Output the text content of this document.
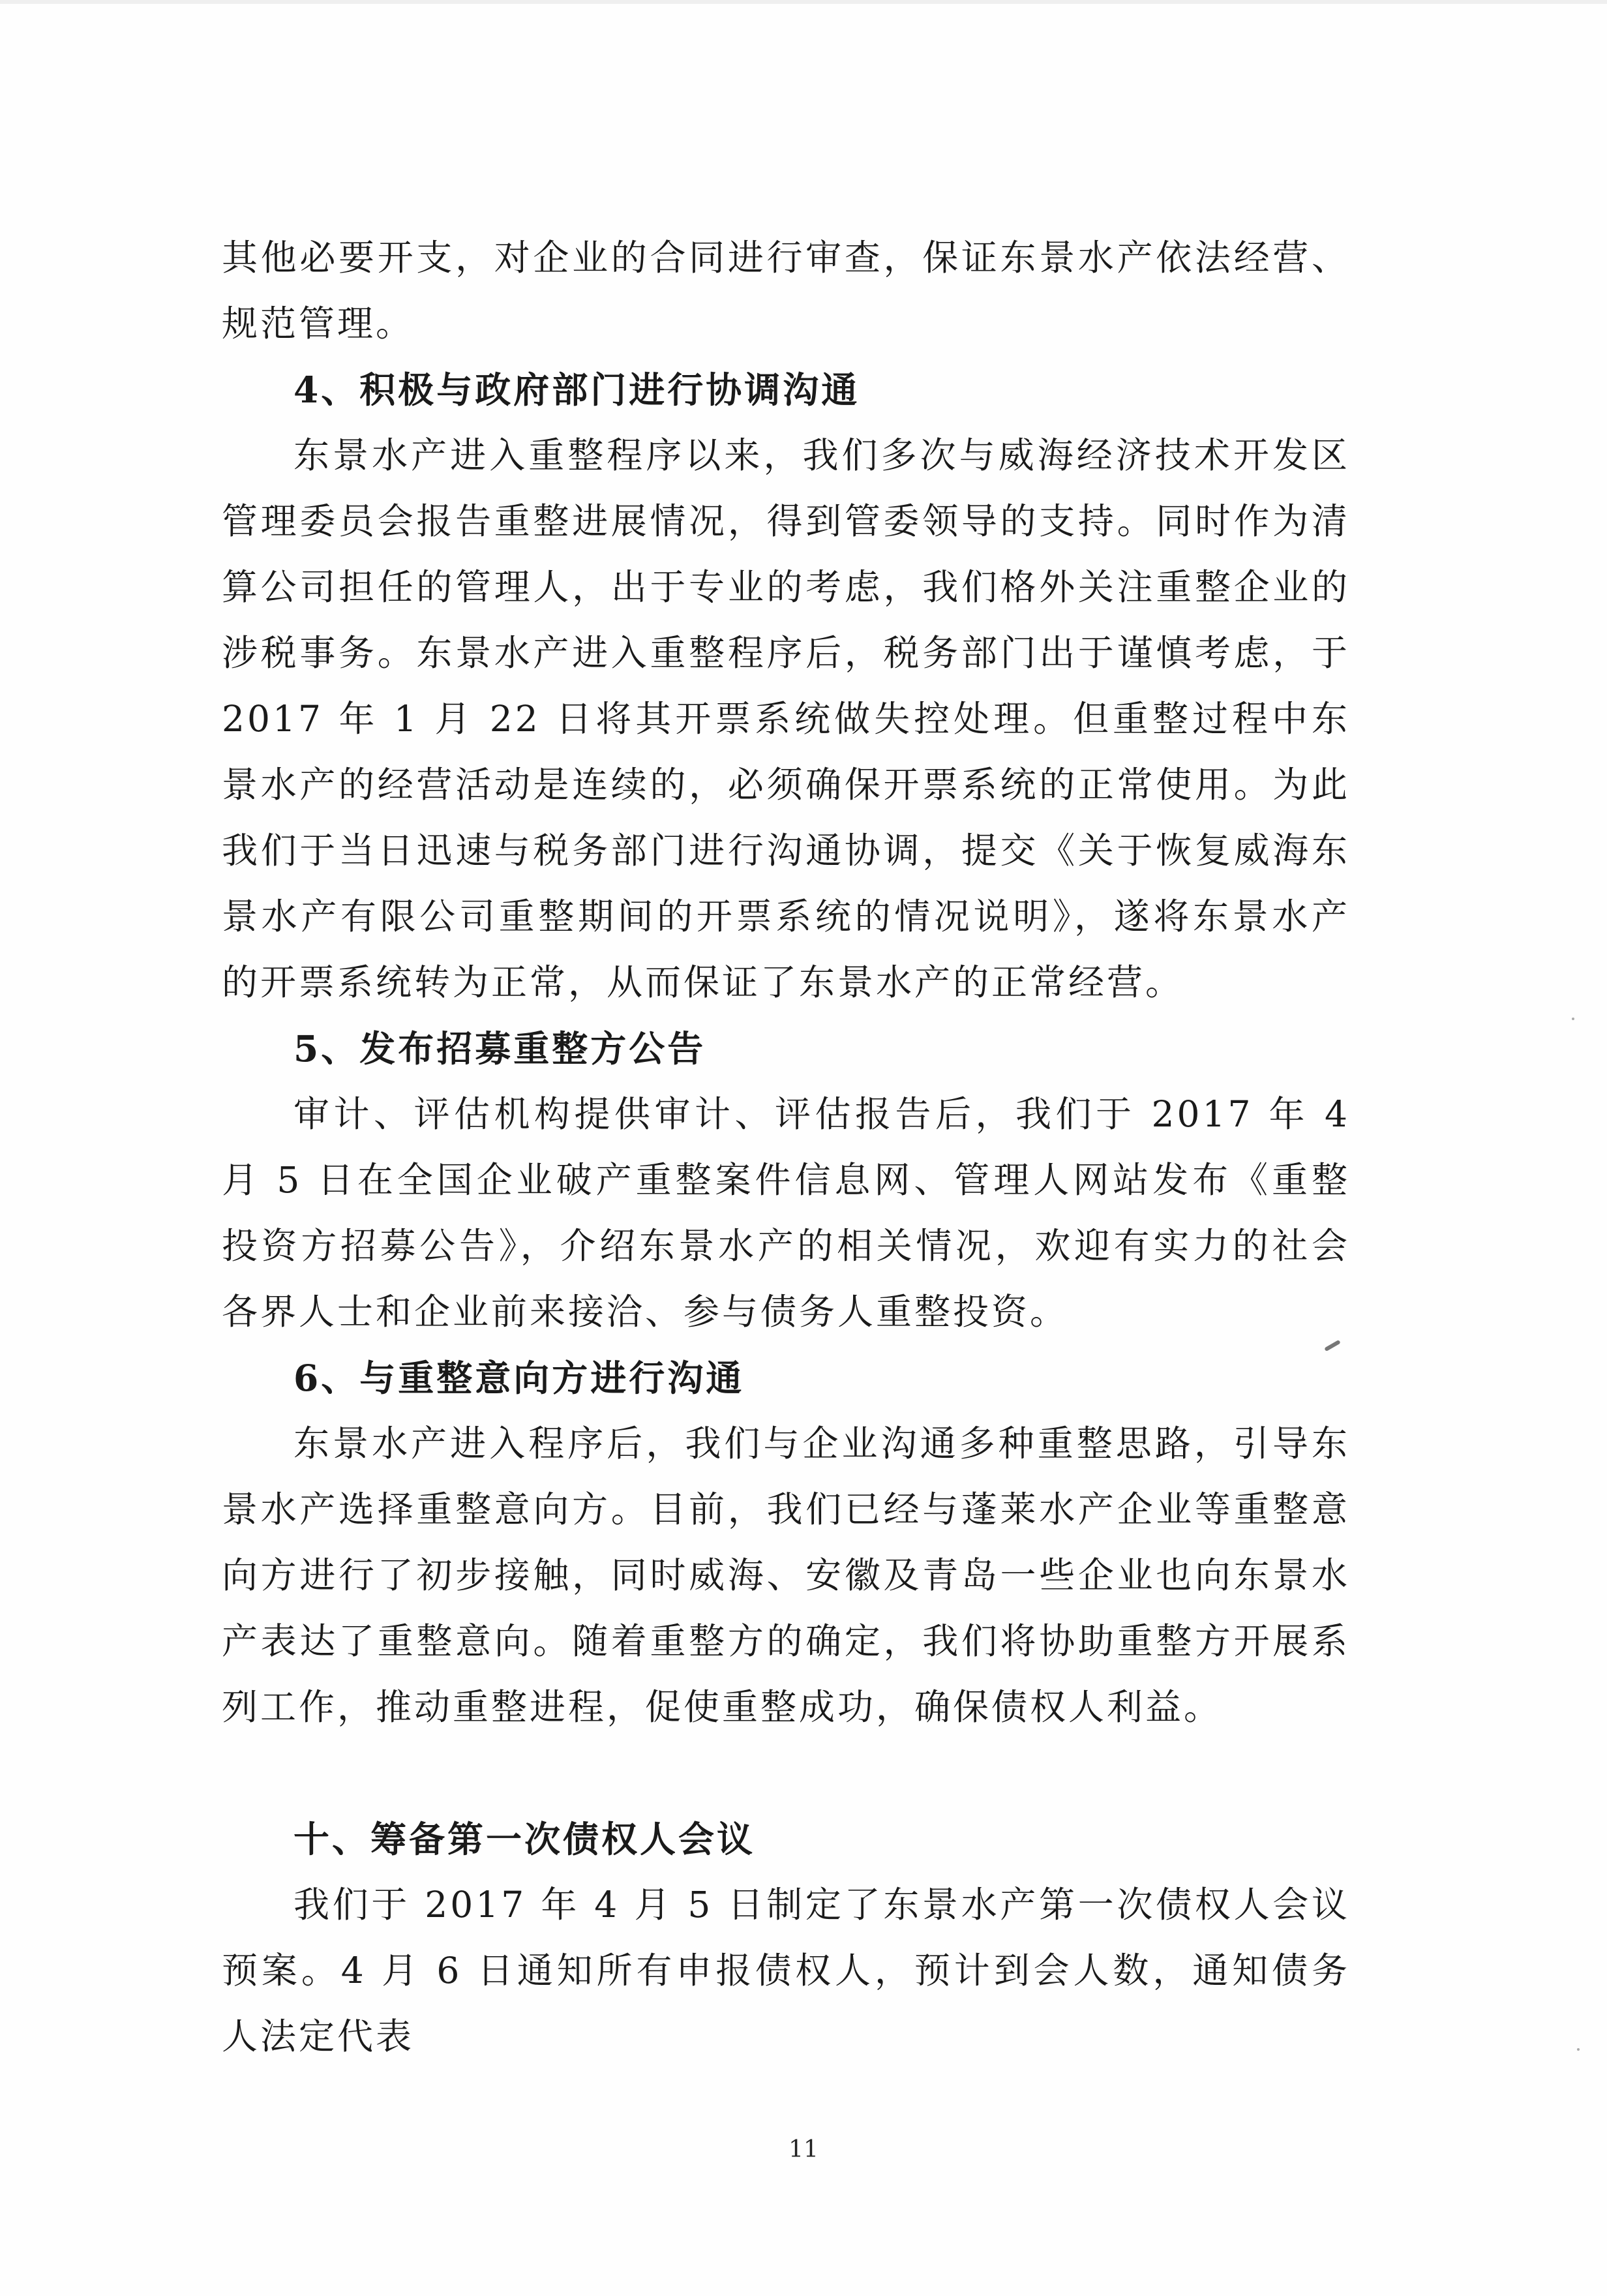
其他必要开支，对企业的合同进行审查，保证东景水产依法经营、规范管理。

4、积极与政府部门进行协调沟通

东景水产进入重整程序以来，我们多次与威海经济技术开发区管理委员会报告重整进展情况，得到管委领导的支持。同时作为清算公司担任的管理人，出于专业的考虑，我们格外关注重整企业的涉税事务。东景水产进入重整程序后，税务部门出于谨慎考虑，于 2017 年 1 月 22 日将其开票系统做失控处理。但重整过程中东景水产的经营活动是连续的，必须确保开票系统的正常使用。为此我们于当日迅速与税务部门进行沟通协调，提交《关于恢复威海东景水产有限公司重整期间的开票系统的情况说明》，遂将东景水产的开票系统转为正常，从而保证了东景水产的正常经营。

5、发布招募重整方公告

审计、评估机构提供审计、评估报告后，我们于 2017 年 4 月 5 日在全国企业破产重整案件信息网、管理人网站发布《重整投资方招募公告》，介绍东景水产的相关情况，欢迎有实力的社会各界人士和企业前来接洽、参与债务人重整投资。

6、与重整意向方进行沟通

东景水产进入程序后，我们与企业沟通多种重整思路，引导东景水产选择重整意向方。目前，我们已经与蓬莱水产企业等重整意向方进行了初步接触，同时威海、安徽及青岛一些企业也向东景水产表达了重整意向。随着重整方的确定，我们将协助重整方开展系列工作，推动重整进程，促使重整成功，确保债权人利益。

十、筹备第一次债权人会议

我们于 2017 年 4 月 5 日制定了东景水产第一次债权人会议预案。4 月 6 日通知所有申报债权人，预计到会人数，通知债务人法定代表

11
